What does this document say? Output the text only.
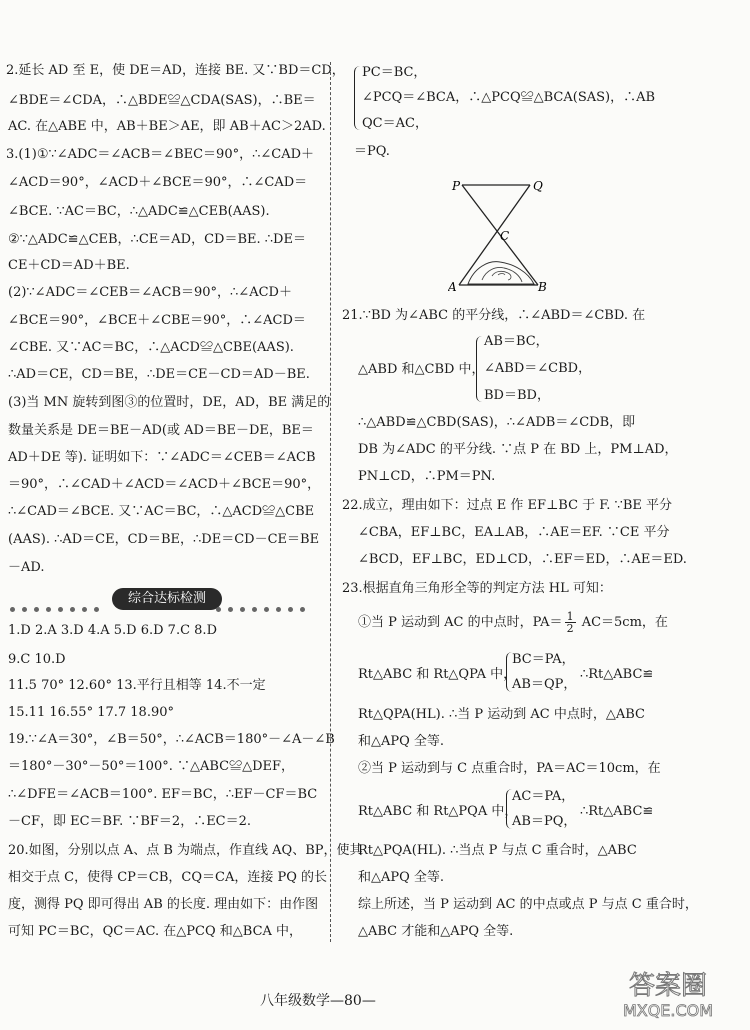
2.延长 AD 至 E，使 DE＝AD，连接 BE. 又∵BD＝CD，
∠BDE＝∠CDA，∴△BDE≌△CDA(SAS)，∴BE＝
AC. 在△ABE 中，AB＋BE＞AE，即 AB＋AC＞2AD.
3.(1)①∵∠ADC＝∠ACB＝∠BEC＝90°，∴∠CAD＋
∠ACD＝90°，∠ACD＋∠BCE＝90°，∴∠CAD＝
∠BCE. ∵AC＝BC，∴△ADC≌△CEB(AAS).
②∵△ADC≌△CEB，∴CE＝AD，CD＝BE. ∴DE＝
CE＋CD＝AD＋BE.
(2)∵∠ADC＝∠CEB＝∠ACB＝90°，∴∠ACD＋
∠BCE＝90°，∠BCE＋∠CBE＝90°，∴∠ACD＝
∠CBE. 又∵AC＝BC，∴△ACD≌△CBE(AAS).
∴AD＝CE，CD＝BE，∴DE＝CE－CD＝AD－BE.
(3)当 MN 旋转到图③的位置时，DE，AD，BE 满足的
数量关系是 DE＝BE－AD(或 AD＝BE－DE，BE＝
AD＋DE 等). 证明如下：∵∠ADC＝∠CEB＝∠ACB
＝90°，∴∠CAD＋∠ACD＝∠ACD＋∠BCE＝90°，
∴∠CAD＝∠BCE. 又∵AC＝BC，∴△ACD≌△CBE
(AAS). ∴AD＝CE，CD＝BE，∴DE＝CD－CE＝BE
－AD.
综合达标检测
1.D 2.A 3.D 4.A 5.D 6.D 7.C 8.D
9.C 10.D
11.5 70° 12.60° 13.平行且相等 14.不一定
15.11 16.55° 17.7 18.90°
19.∵∠A＝30°，∠B＝50°，∴∠ACB＝180°－∠A－∠B
＝180°－30°－50°＝100°. ∵△ABC≌△DEF，
∴∠DFE＝∠ACB＝100°. EF＝BC，∴EF－CF＝BC
－CF，即 EC＝BF. ∵BF＝2，∴EC＝2.
20.如图，分别以点 A、点 B 为端点，作直线 AQ、BP，使其
相交于点 C，使得 CP＝CB，CQ＝CA，连接 PQ 的长
度，测得 PQ 即可得出 AB 的长度. 理由如下：由作图
可知 PC＝BC，QC＝AC. 在△PCQ 和△BCA 中，
PC＝BC，
∠PCQ＝∠BCA，∴△PCQ≌△BCA(SAS)，∴AB
QC＝AC，
＝PQ.
P	Q
C
A	B
21.∵BD 为∠ABC 的平分线，∴∠ABD＝∠CBD. 在
△ABD 和△CBD 中，
AB＝BC，
∠ABD＝∠CBD，
BD＝BD，
∴△ABD≌△CBD(SAS)，∴∠ADB＝∠CDB，即
DB 为∠ADC 的平分线. ∵点 P 在 BD 上，PM⊥AD，
PN⊥CD，∴PM＝PN.
22.成立，理由如下：过点 E 作 EF⊥BC 于 F. ∵BE 平分
∠CBA，EF⊥BC，EA⊥AB，∴AE＝EF. ∵CE 平分
∠BCD，EF⊥BC，ED⊥CD，∴EF＝ED，∴AE＝ED.
23.根据直角三角形全等的判定方法 HL 可知：
①当 P 运动到 AC 的中点时，$PA= \frac{1}{2} AC=5cm$，在
Rt△ABC 和 Rt△QPA 中，
BC＝PA，
AB＝QP，
∴Rt△ABC≌
Rt△QPA(HL). ∴当 P 运动到 AC 中点时，△ABC
和△APQ 全等.
②当 P 运动到与 C 点重合时，PA＝AC＝10cm，在
Rt△ABC 和 Rt△PQA 中，
AC＝PA，
AB＝PQ，
∴Rt△ABC≌
Rt△PQA(HL). ∴当点 P 与点 C 重合时，△ABC
和△APQ 全等.
综上所述，当 P 运动到 AC 的中点或点 P 与点 C 重合时，
△ABC 才能和△APQ 全等.
八年级数学—80—	答案圈
MXQE.COM
